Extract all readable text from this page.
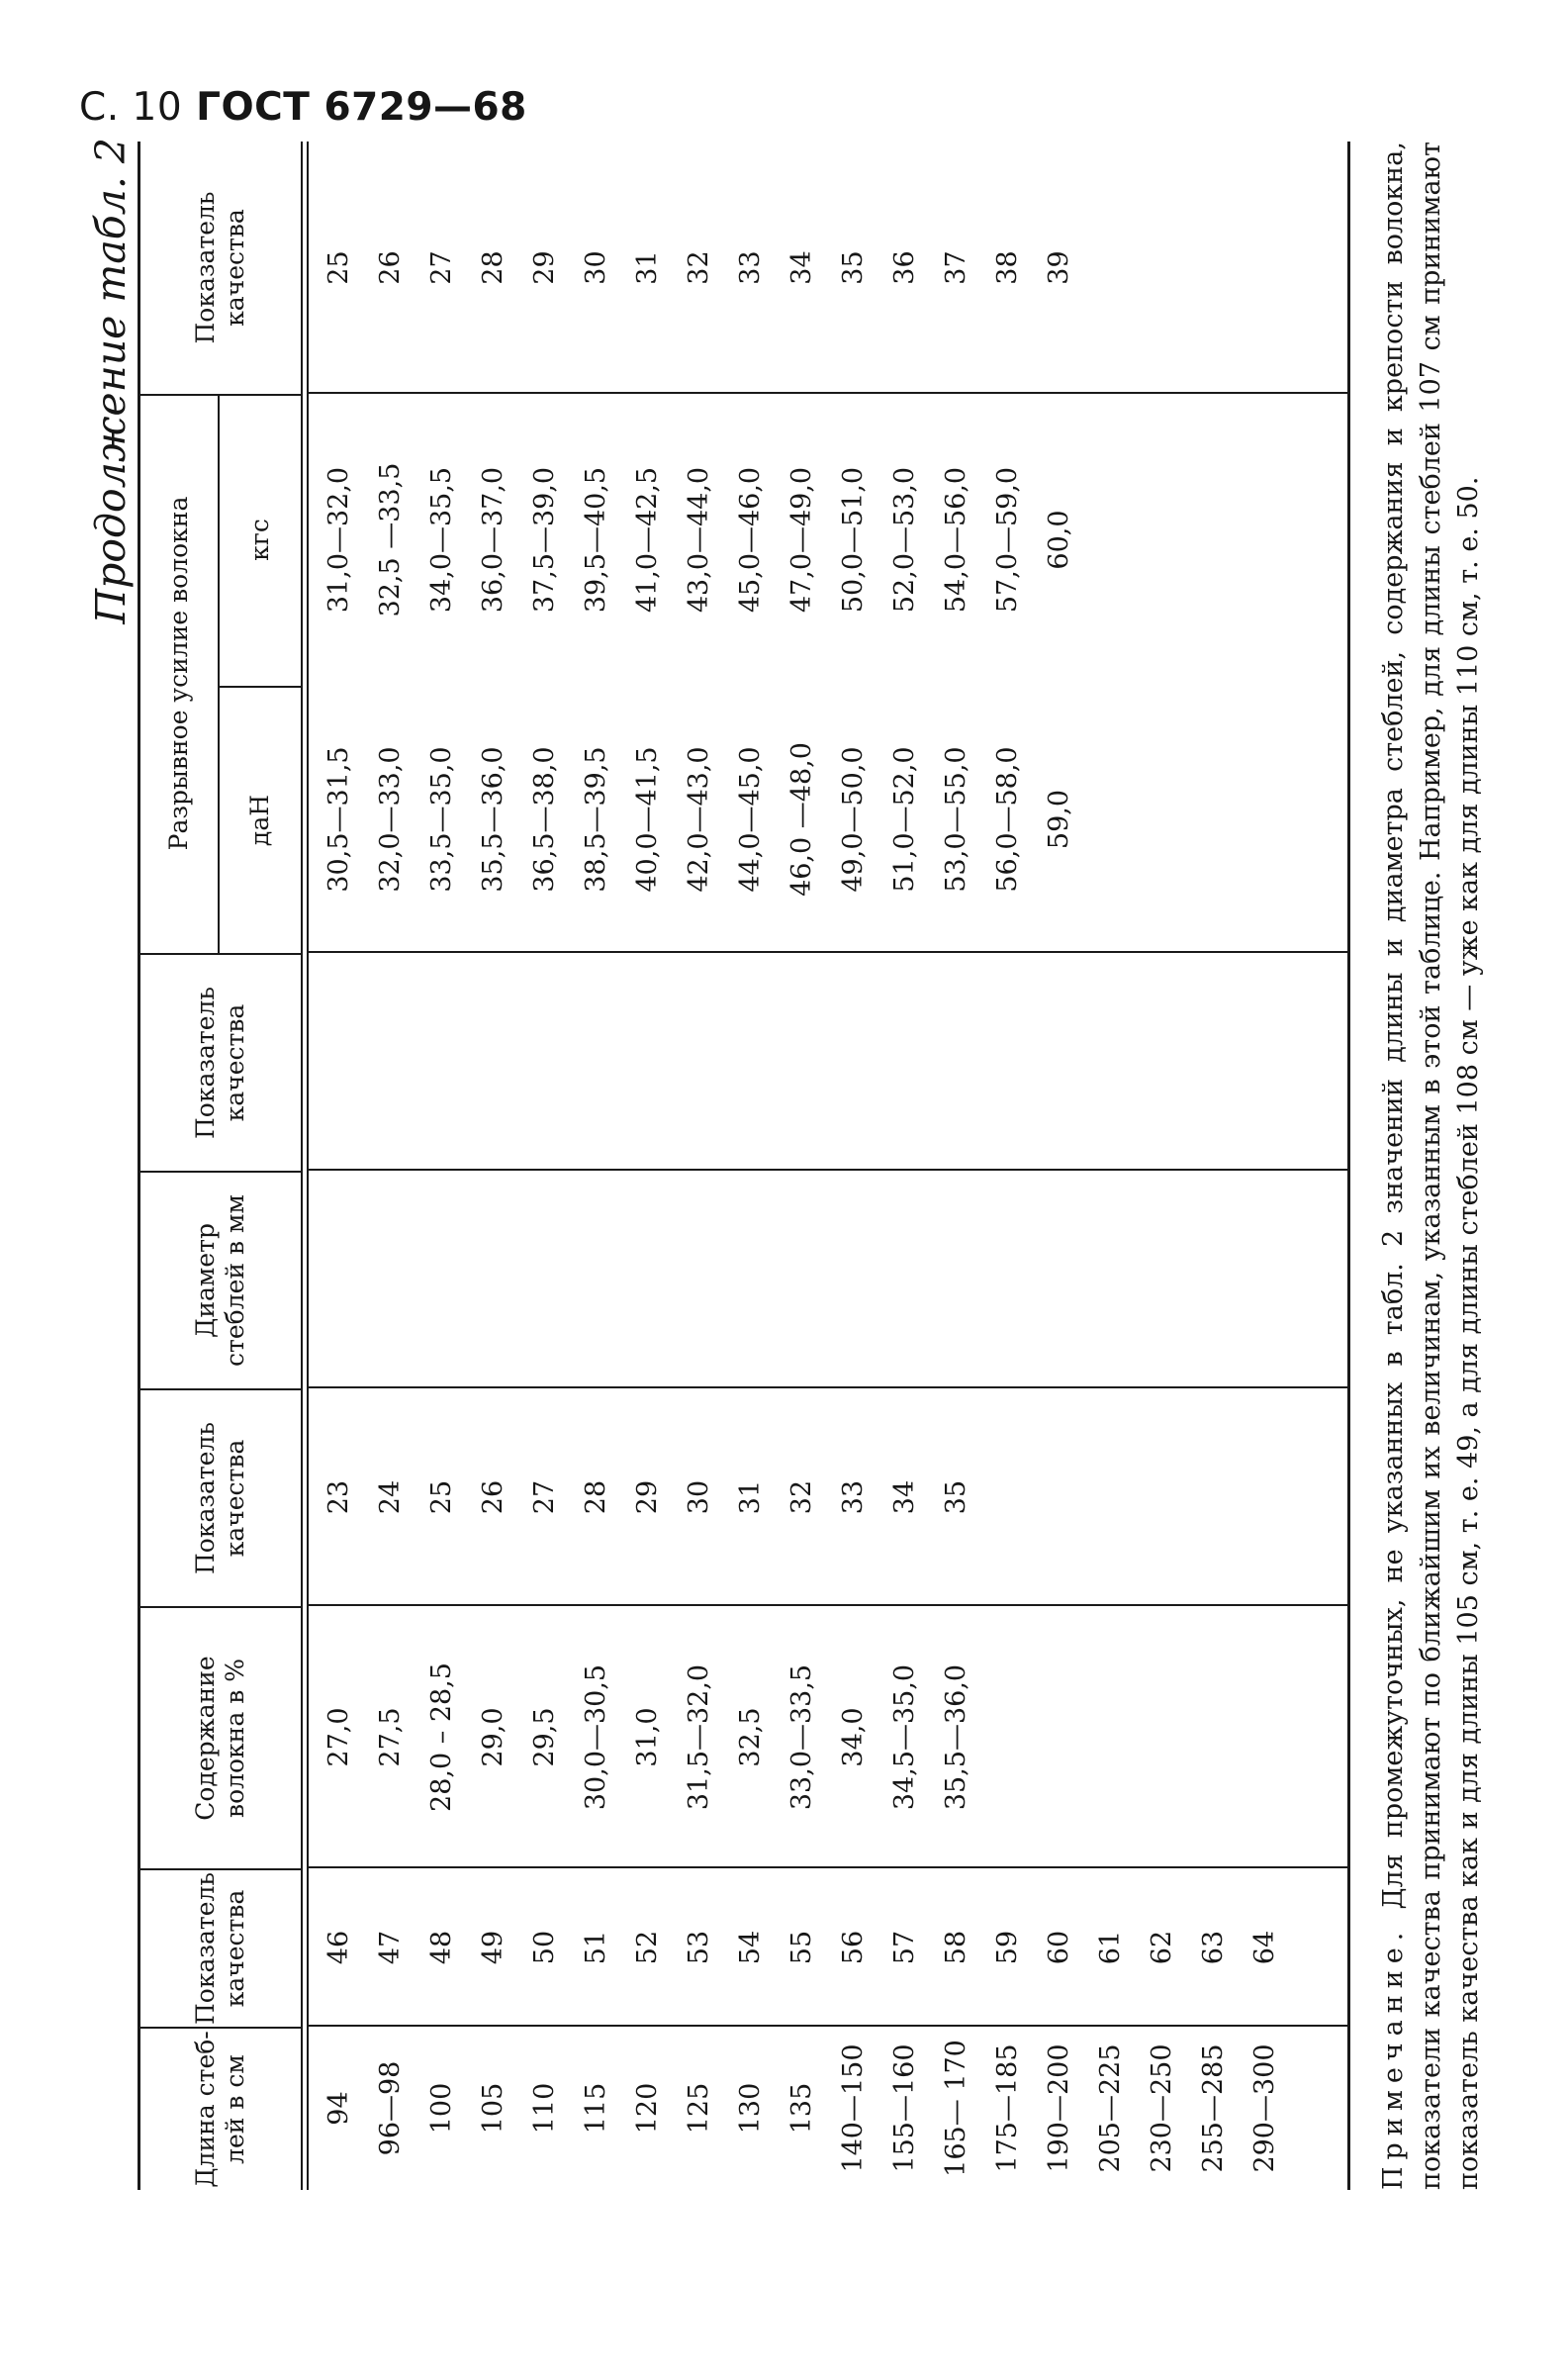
С. 10 ГОСТ 6729—68
Продолжение табл. 2
Длина стеб-лей в см
Показатель качества
Содержание волокна в %
Показатель качества
Диаметр стеблей в мм
Показатель качества
Разрывное усилие волокна	даН
кгс
Показатель качества
94
46
27,0
23
30,5—31,5
31,0—32,0
25
96—98
47
27,5
24
32,0—33,0
32,5 —33,5
26
100
48
28,0 – 28,5
25
33,5—35,0
34,0—35,5
27
105
49
29,0
26
35,5—36,0
36,0—37,0
28
110
50
29,5
27
36,5—38,0
37,5—39,0
29
115
51
30,0—30,5
28
38,5—39,5
39,5—40,5
30
120
52
31,0
29
40,0—41,5
41,0—42,5
31
125
53
31,5—32,0
30
42,0—43,0
43,0—44,0
32
130
54
32,5
31
44,0—45,0
45,0—46,0
33
135
55
33,0—33,5
32
46,0 —48,0
47,0—49,0
34
140—150
56
34,0
33
49,0—50,0
50,0—51,0
35
155—160
57
34,5—35,0
34
51,0—52,0
52,0—53,0
36
165— 170
58
35,5—36,0
35
53,0—55,0
54,0—56,0
37
175—185
59
56,0—58,0
57,0—59,0
38
190—200
60
59,0
60,0
39
205—225
61
230—250
62
255—285
63
290—300
64	Примечание. Для промежуточных, не указанных в табл. 2 значений длины и диаметра стеблей, содержания и крепости волокна, показатели качества принимают по ближайшим их величинам, указанным в этой таблице. Например, для длины стеблей 107 см принимают показатель качества как и для длины 105 см, т. е. 49, а для длины стеблей 108 см — уже как для длины 110 см, т. е. 50.
